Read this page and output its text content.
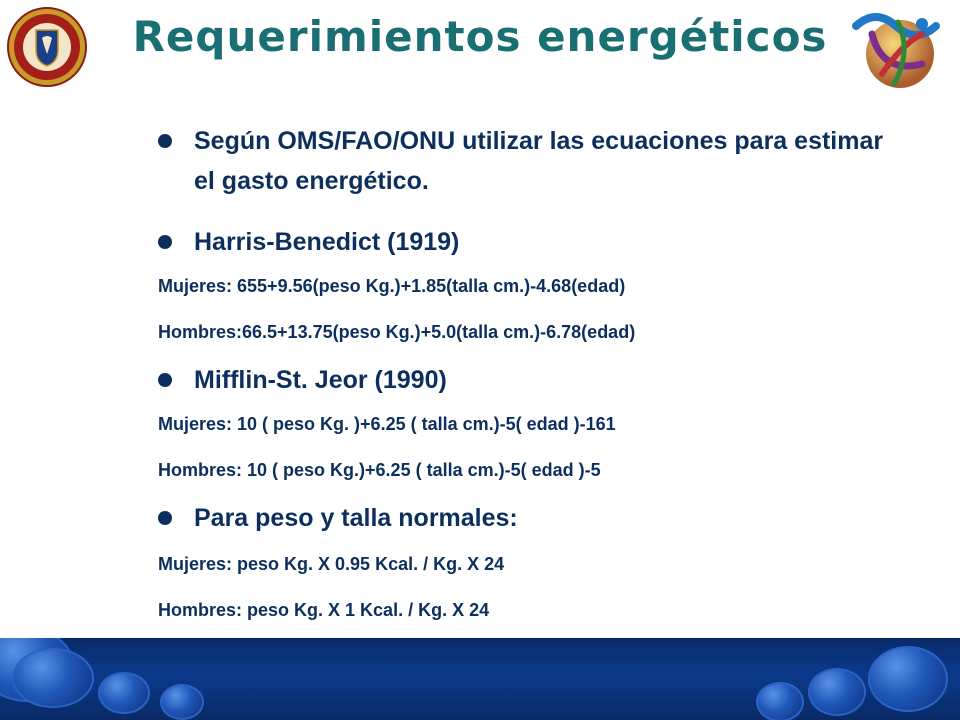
Requerimientos energéticos
Según OMS/FAO/ONU utilizar las ecuaciones para estimar el gasto energético.
Harris-Benedict (1919)
Mujeres: 655+9.56(peso Kg.)+1.85(talla cm.)-4.68(edad)
Hombres:66.5+13.75(peso Kg.)+5.0(talla cm.)-6.78(edad)
Mifflin-St. Jeor (1990)
Mujeres: 10 ( peso Kg. )+6.25 ( talla cm.)-5( edad )-161
Hombres: 10 ( peso Kg.)+6.25 ( talla cm.)-5( edad )-5
Para peso y talla normales:
Mujeres: peso Kg. X 0.95 Kcal. / Kg. X 24
Hombres: peso Kg. X 1 Kcal. / Kg. X 24
